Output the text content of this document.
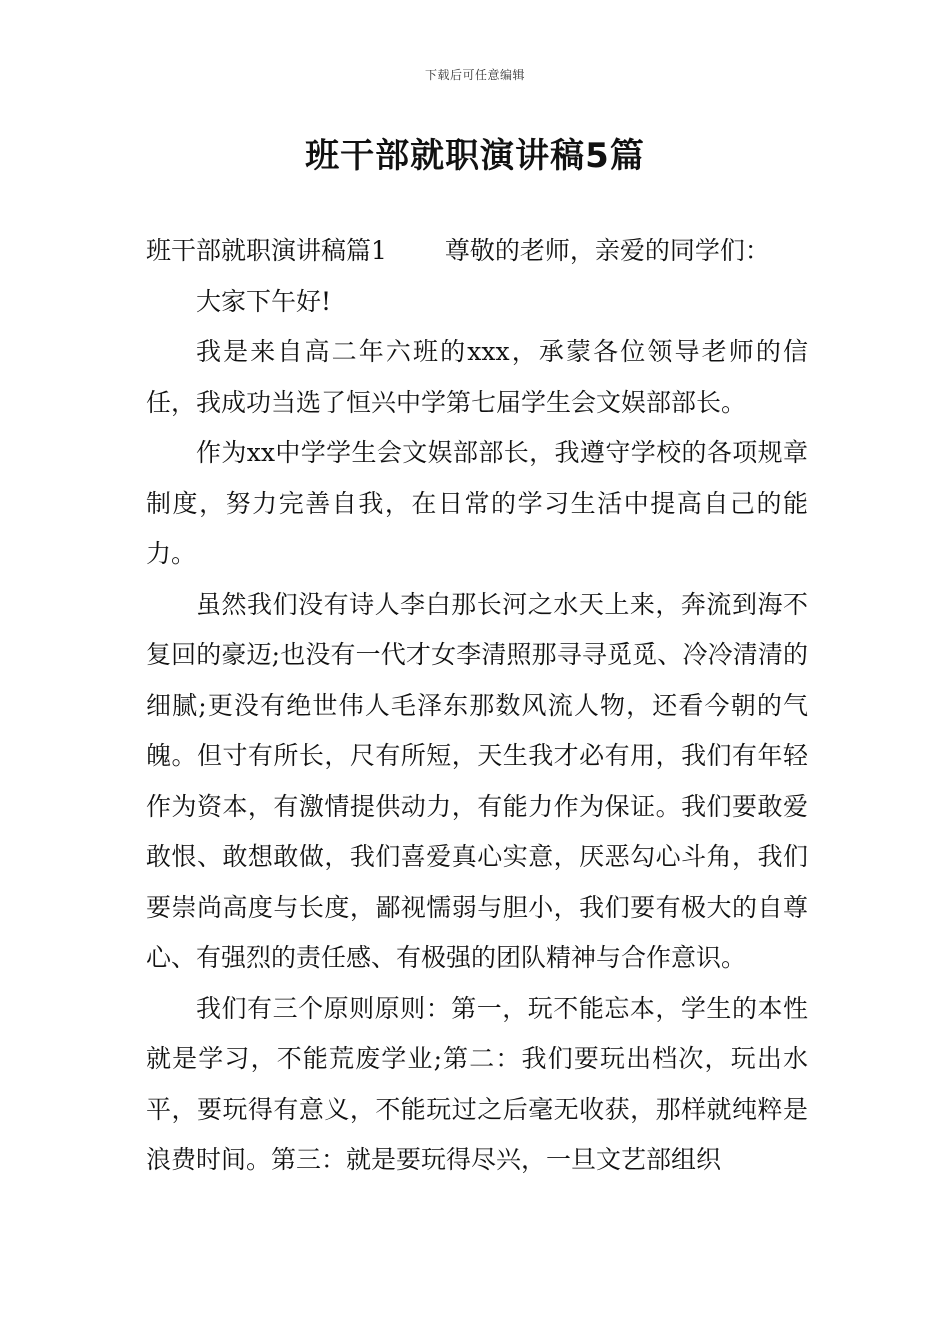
下载后可任意编辑
班干部就职演讲稿5篇

班干部就职演讲稿篇1 尊敬的老师，亲爱的同学们：

大家下午好!

我是来自高二年六班的xxx，承蒙各位领导老师的信任，我成功当选了恒兴中学第七届学生会文娱部部长。

作为xx中学学生会文娱部部长，我遵守学校的各项规章制度，努力完善自我，在日常的学习生活中提高自己的能力。

虽然我们没有诗人李白那长河之水天上来，奔流到海不复回的豪迈;也没有一代才女李清照那寻寻觅觅、冷冷清清的细腻;更没有绝世伟人毛泽东那数风流人物，还看今朝的气魄。但寸有所长，尺有所短，天生我才必有用，我们有年轻作为资本，有激情提供动力，有能力作为保证。我们要敢爱敢恨、敢想敢做，我们喜爱真心实意，厌恶勾心斗角，我们要崇尚高度与长度，鄙视懦弱与胆小，我们要有极大的自尊心、有强烈的责任感、有极强的团队精神与合作意识。

我们有三个原则原则：第一，玩不能忘本，学生的本性就是学习，不能荒废学业;第二：我们要玩出档次，玩出水平，要玩得有意义，不能玩过之后毫无收获，那样就纯粹是浪费时间。第三：就是要玩得尽兴，一旦文艺部组织
